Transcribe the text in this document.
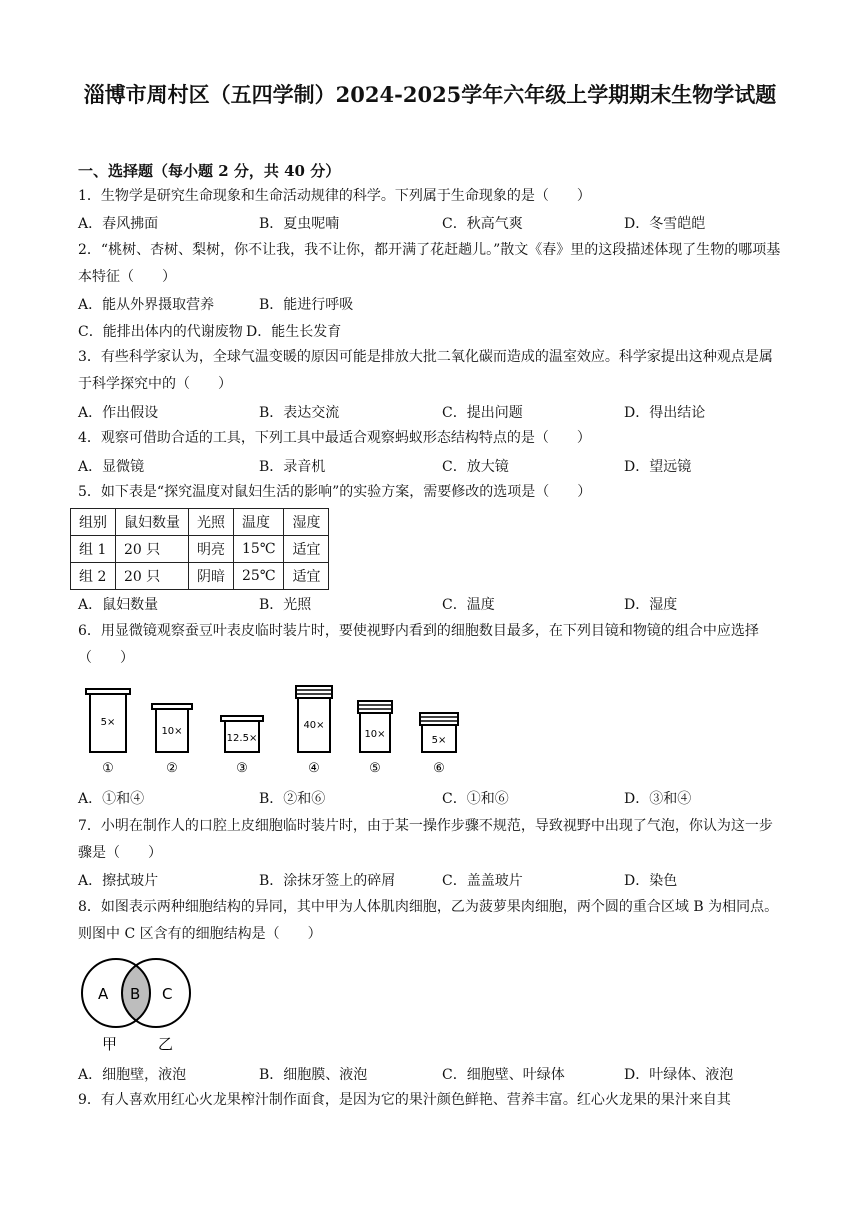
淄博市周村区（五四学制）2024-2025学年六年级上学期期末生物学试题
一、选择题（每小题 2 分，共 40 分）
1．生物学是研究生命现象和生命活动规律的科学。下列属于生命现象的是（　　）
A．春风拂面	B．夏虫呢喃	C．秋高气爽	D．冬雪皑皑
2．“桃树、杏树、梨树，你不让我，我不让你，都开满了花赶趟儿。”散文《春》里的这段描述体现了生物的哪项基本特征（　　）
A．能从外界摄取营养	B．能进行呼吸
C．能排出体内的代谢废物 D．能生长发育
3．有些科学家认为，全球气温变暖的原因可能是排放大批二氧化碳而造成的温室效应。科学家提出这种观点是属于科学探究中的（　　）
A．作出假设	B．表达交流	C．提出问题	D．得出结论
4．观察可借助合适的工具，下列工具中最适合观察蚂蚁形态结构特点的是（　　）
A．显微镜	B．录音机	C．放大镜	D．望远镜
5．如下表是“探究温度对鼠妇生活的影响”的实验方案，需要修改的选项是（　　）
组别	鼠妇数量	光照	温度	湿度
组 1	20 只	明亮	15℃	适宜
组 2	20 只	阴暗	25℃	适宜
A．鼠妇数量	B．光照	C．温度	D．湿度
6．用显微镜观察蚕豆叶表皮临时装片时，要使视野内看到的细胞数目最多，在下列目镜和物镜的组合中应选择（　　）
5×
①
10×
②
12.5×
③
40×
④
10×
⑤
5×
⑥
A．①和④	B．②和⑥	C．①和⑥	D．③和④
7．小明在制作人的口腔上皮细胞临时装片时，由于某一操作步骤不规范，导致视野中出现了气泡，你认为这一步骤是（　　）
A．擦拭玻片	B．涂抹牙签上的碎屑	C．盖盖玻片	D．染色
8．如图表示两种细胞结构的异同，其中甲为人体肌肉细胞，乙为菠萝果肉细胞，两个圆的重合区域 B 为相同点。则图中 C 区含有的细胞结构是（　　）
A B C
甲	乙
A．细胞壁，液泡	B．细胞膜、液泡	C．细胞壁、叶绿体	D．叶绿体、液泡
9．有人喜欢用红心火龙果榨汁制作面食，是因为它的果汁颜色鲜艳、营养丰富。红心火龙果的果汁来自其
